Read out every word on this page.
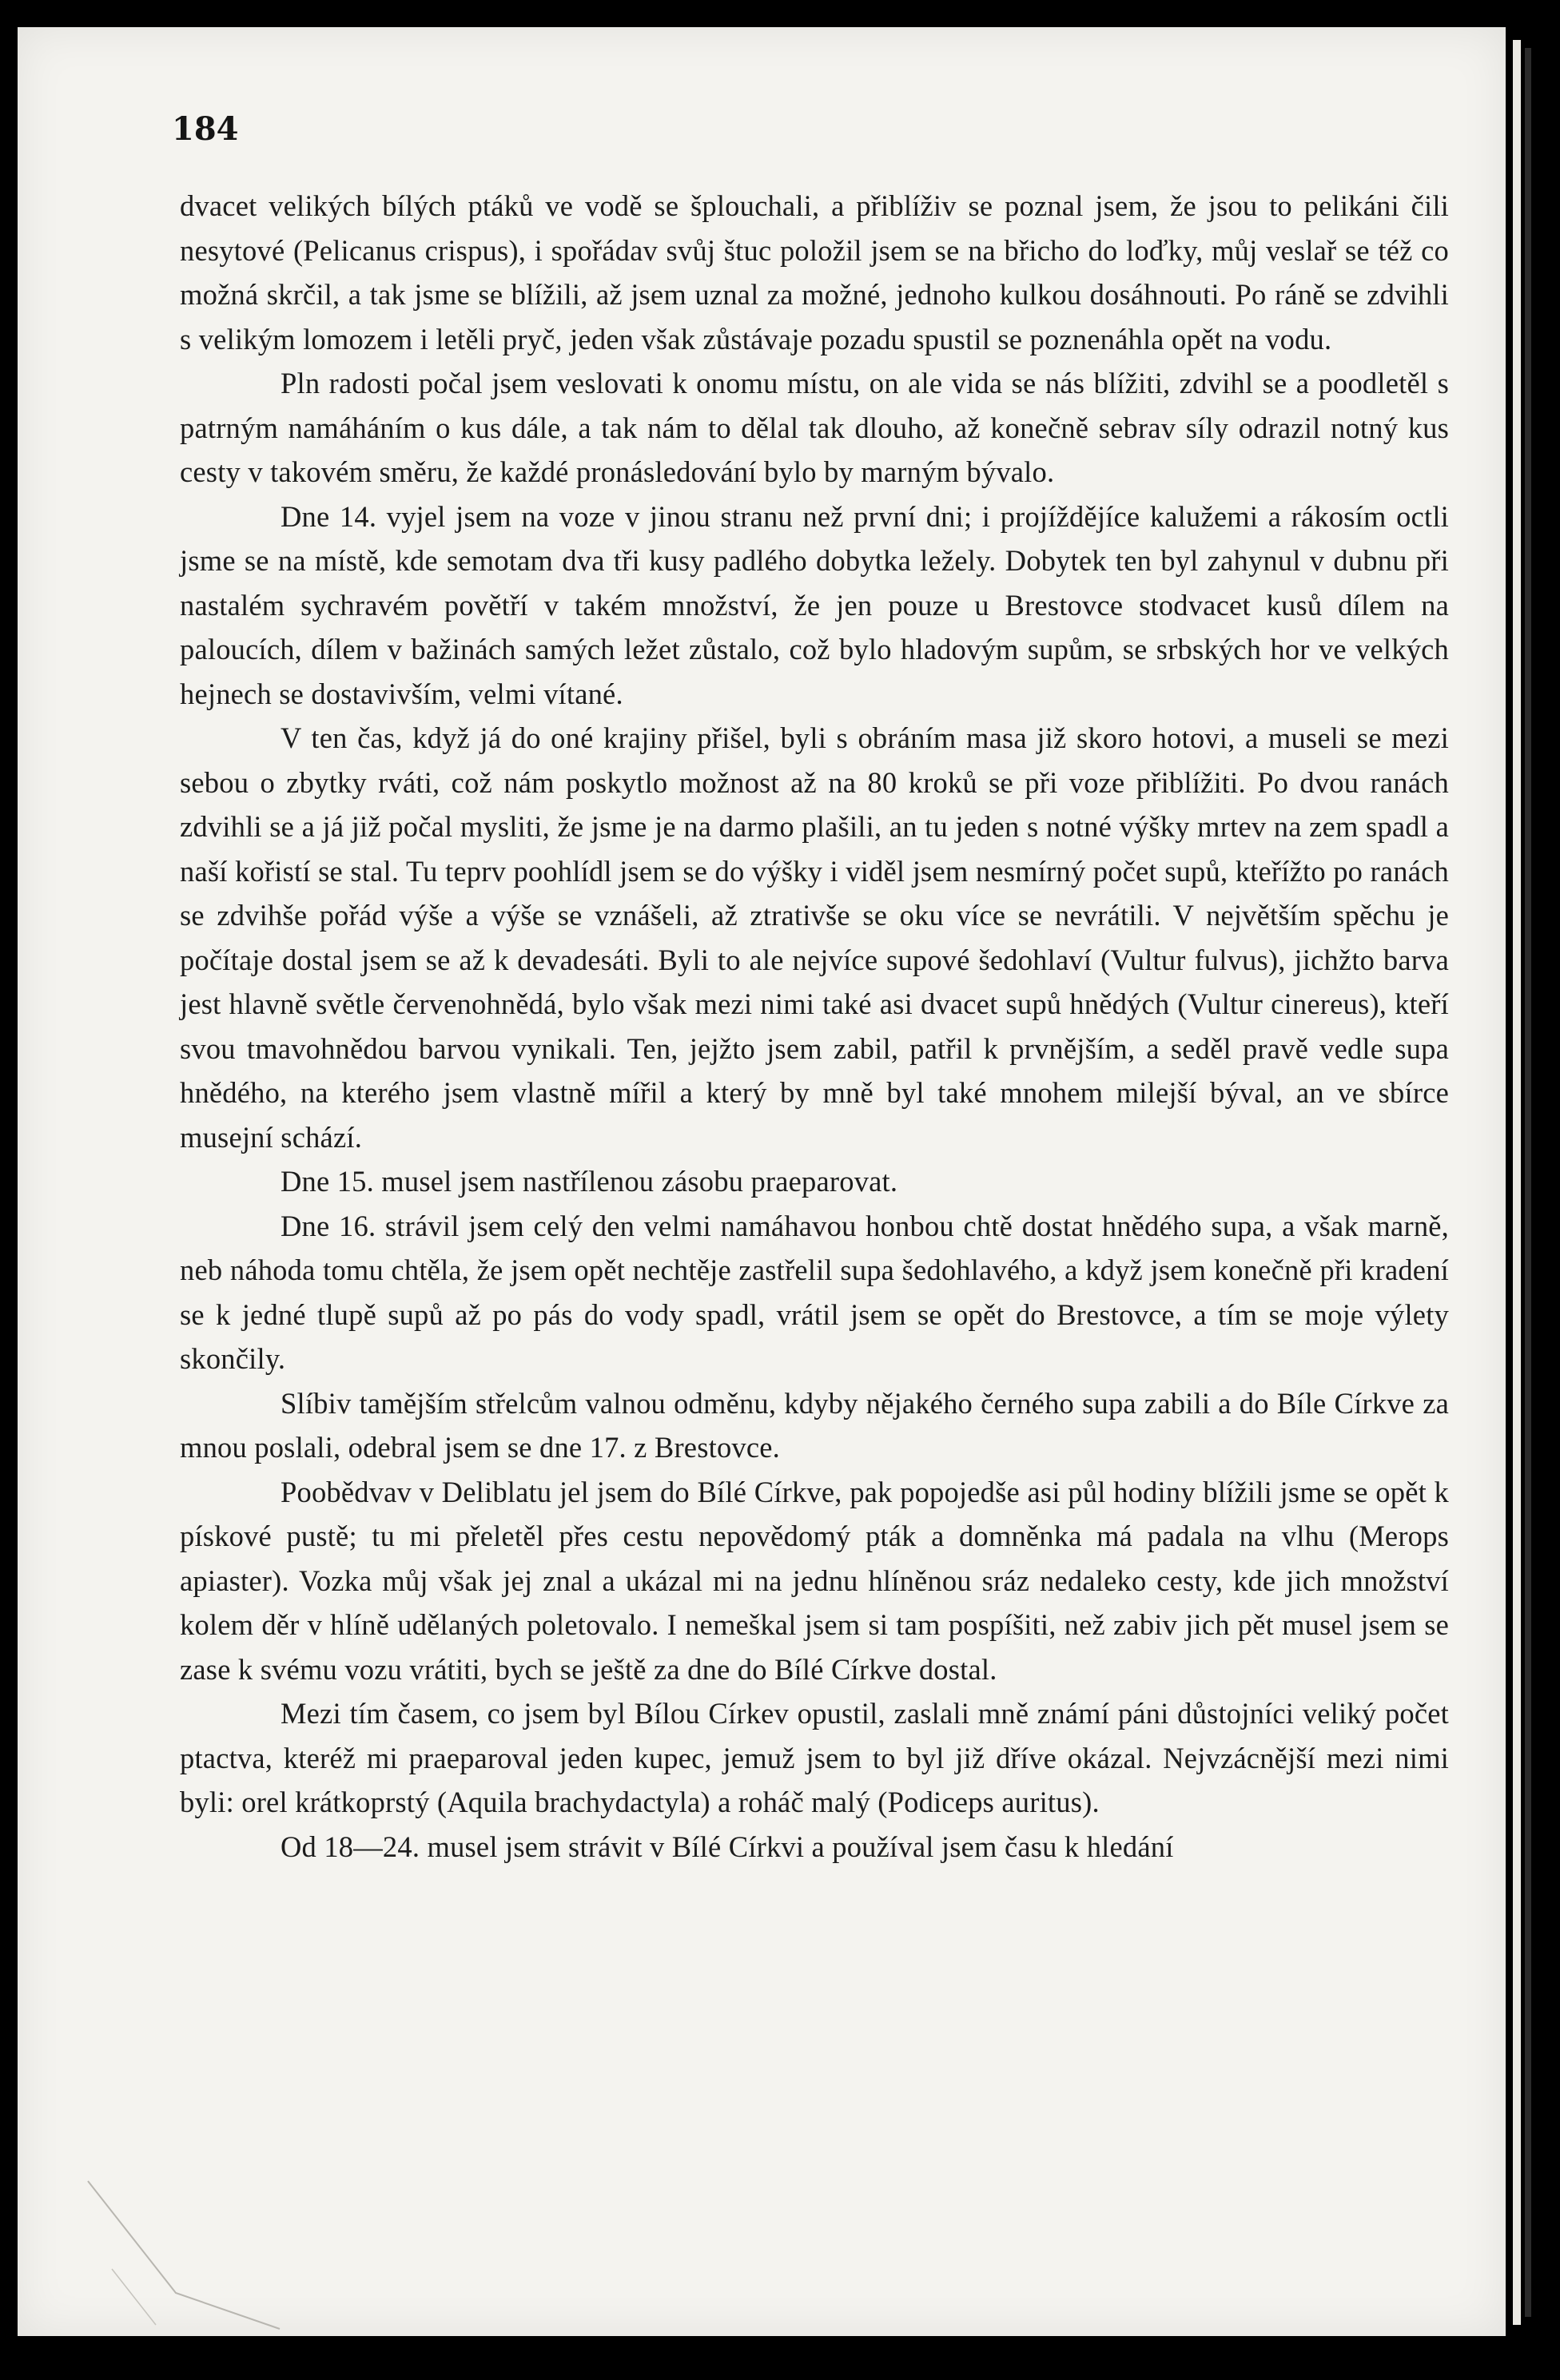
184

dvacet velikých bílých ptáků ve vodě se šplouchali, a přiblíživ se poznal jsem, že jsou to pelikáni čili nesytové (Pelicanus crispus), i spořádav svůj štuc položil jsem se na břicho do loďky, můj veslař se též co možná skrčil, a tak jsme se blížili, až jsem uznal za možné, jednoho kulkou dosáhnouti. Po ráně se zdvihli s velikým lomozem i letěli pryč, jeden však zůstávaje pozadu spustil se poznenáhla opět na vodu.

Pln radosti počal jsem veslovati k onomu místu, on ale vida se nás blížiti, zdvihl se a poodletěl s patrným namáháním o kus dále, a tak nám to dělal tak dlouho, až konečně sebrav síly odrazil notný kus cesty v takovém směru, že každé pronásledování bylo by marným bývalo.

Dne 14. vyjel jsem na voze v jinou stranu než první dni; i projíždějíce kalužemi a rákosím octli jsme se na místě, kde semotam dva tři kusy padlého dobytka ležely. Dobytek ten byl zahynul v dubnu při nastalém sychravém povětří v takém množství, že jen pouze u Brestovce stodvacet kusů dílem na paloucích, dílem v bažinách samých ležet zůstalo, což bylo hladovým supům, se srbských hor ve velkých hejnech se dostavivším, velmi vítané.

V ten čas, když já do oné krajiny přišel, byli s obráním masa již skoro hotovi, a museli se mezi sebou o zbytky rváti, což nám poskytlo možnost až na 80 kroků se při voze přiblížiti. Po dvou ranách zdvihli se a já již počal mysliti, že jsme je na darmo plašili, an tu jeden s notné výšky mrtev na zem spadl a naší kořistí se stal. Tu teprv poohlídl jsem se do výšky i viděl jsem nesmírný počet supů, kteřížto po ranách se zdvihše pořád výše a výše se vznášeli, až ztrativše se oku více se nevrátili. V největším spěchu je počítaje dostal jsem se až k devadesáti. Byli to ale nejvíce supové šedohlaví (Vultur fulvus), jichžto barva jest hlavně světle červenohnědá, bylo však mezi nimi také asi dvacet supů hnědých (Vultur cinereus), kteří svou tmavohnědou barvou vynikali. Ten, jejžto jsem zabil, patřil k prvnějším, a seděl pravě vedle supa hnědého, na kterého jsem vlastně mířil a který by mně byl také mnohem milejší býval, an ve sbírce musejní schází.

Dne 15. musel jsem nastřílenou zásobu praeparovat.

Dne 16. strávil jsem celý den velmi namáhavou honbou chtě dostat hnědého supa, a však marně, neb náhoda tomu chtěla, že jsem opět nechtěje zastřelil supa šedohlavého, a když jsem konečně při kradení se k jedné tlupě supů až po pás do vody spadl, vrátil jsem se opět do Brestovce, a tím se moje výlety skončily.

Slíbiv tamějším střelcům valnou odměnu, kdyby nějakého černého supa zabili a do Bíle Církve za mnou poslali, odebral jsem se dne 17. z Brestovce.

Poobědvav v Deliblatu jel jsem do Bílé Církve, pak popojedše asi půl hodiny blížili jsme se opět k pískové pustě; tu mi přeletěl přes cestu nepovědomý pták a domněnka má padala na vlhu (Merops apiaster). Vozka můj však jej znal a ukázal mi na jednu hlíněnou sráz nedaleko cesty, kde jich množství kolem děr v hlíně udělaných poletovalo. I nemeškal jsem si tam pospíšiti, než zabiv jich pět musel jsem se zase k svému vozu vrátiti, bych se ještě za dne do Bílé Církve dostal.

Mezi tím časem, co jsem byl Bílou Církev opustil, zaslali mně známí páni důstojníci veliký počet ptactva, kteréž mi praeparoval jeden kupec, jemuž jsem to byl již dříve okázal. Nejvzácnější mezi nimi byli: orel krátkoprstý (Aquila brachydactyla) a roháč malý (Podiceps auritus).

Od 18—24. musel jsem strávit v Bílé Církvi a používal jsem času k hledání
